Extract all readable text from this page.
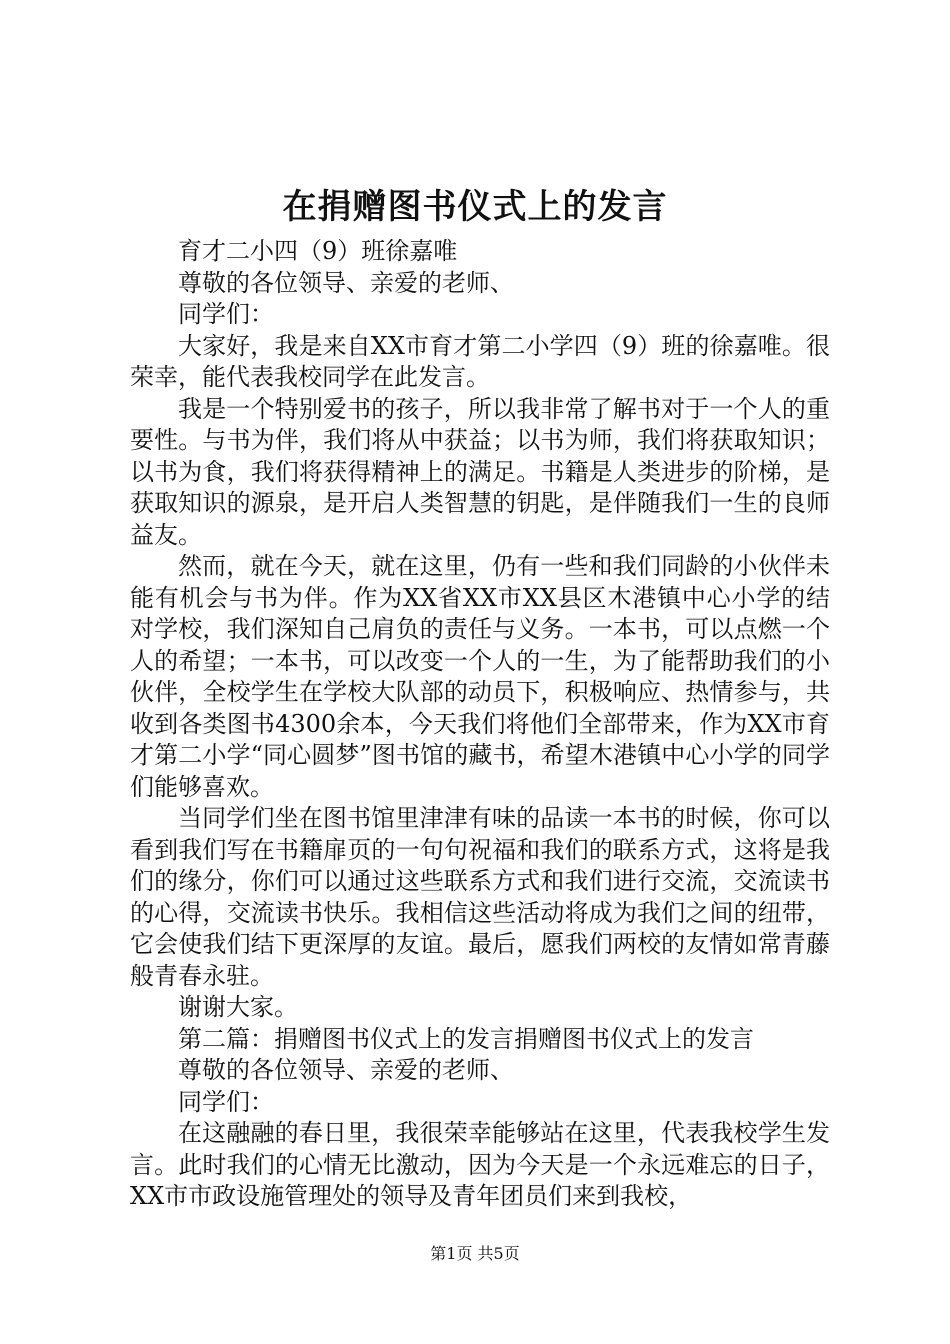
在捐赠图书仪式上的发言

育才二小四（9）班徐嘉唯

尊敬的各位领导、亲爱的老师、

同学们：

大家好，我是来自XX市育才第二小学四（9）班的徐嘉唯。很荣幸，能代表我校同学在此发言。

我是一个特别爱书的孩子，所以我非常了解书对于一个人的重要性。与书为伴，我们将从中获益；以书为师，我们将获取知识；以书为食，我们将获得精神上的满足。书籍是人类进步的阶梯，是获取知识的源泉，是开启人类智慧的钥匙，是伴随我们一生的良师益友。

然而，就在今天，就在这里，仍有一些和我们同龄的小伙伴未能有机会与书为伴。作为XX省XX市XX县区木港镇中心小学的结对学校，我们深知自己肩负的责任与义务。一本书，可以点燃一个人的希望；一本书，可以改变一个人的一生，为了能帮助我们的小伙伴，全校学生在学校大队部的动员下，积极响应、热情参与，共收到各类图书4300余本，今天我们将他们全部带来，作为XX市育才第二小学“同心圆梦”图书馆的藏书，希望木港镇中心小学的同学们能够喜欢。

当同学们坐在图书馆里津津有味的品读一本书的时候，你可以看到我们写在书籍扉页的一句句祝福和我们的联系方式，这将是我们的缘分，你们可以通过这些联系方式和我们进行交流，交流读书的心得，交流读书快乐。我相信这些活动将成为我们之间的纽带，它会使我们结下更深厚的友谊。最后，愿我们两校的友情如常青藤般青春永驻。

谢谢大家。

第二篇：捐赠图书仪式上的发言捐赠图书仪式上的发言

尊敬的各位领导、亲爱的老师、

同学们：

在这融融的春日里，我很荣幸能够站在这里，代表我校学生发言。此时我们的心情无比激动，因为今天是一个永远难忘的日子，XX市市政设施管理处的领导及青年团员们来到我校，

第1页 共5页
